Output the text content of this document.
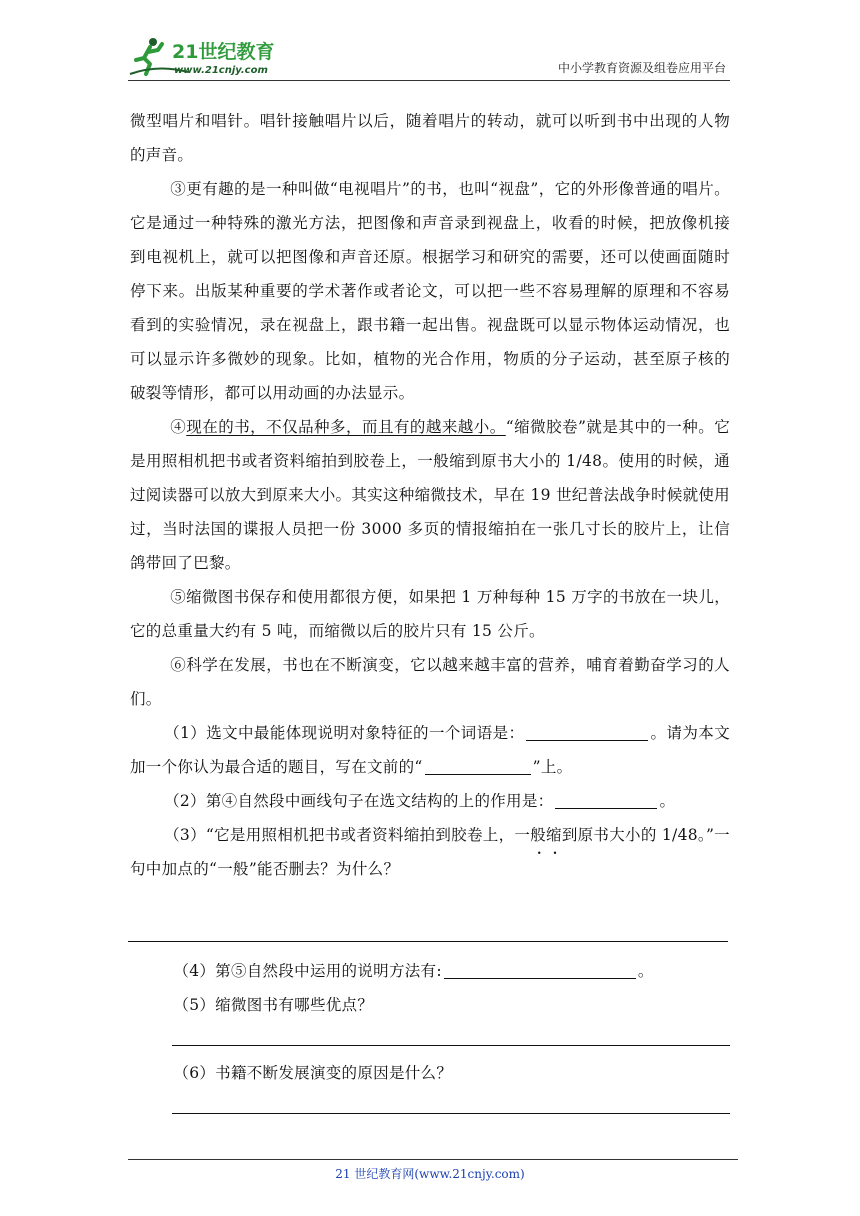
21世纪教育
www.21cnjy.com	中小学教育资源及组卷应用平台

微型唱片和唱针。唱针接触唱片以后，随着唱片的转动，就可以听到书中出现的人物的声音。

③更有趣的是一种叫做“电视唱片”的书，也叫“视盘”，它的外形像普通的唱片。它是通过一种特殊的激光方法，把图像和声音录到视盘上，收看的时候，把放像机接到电视机上，就可以把图像和声音还原。根据学习和研究的需要，还可以使画面随时停下来。出版某种重要的学术著作或者论文，可以把一些不容易理解的原理和不容易看到的实验情况，录在视盘上，跟书籍一起出售。视盘既可以显示物体运动情况，也可以显示许多微妙的现象。比如，植物的光合作用，物质的分子运动，甚至原子核的破裂等情形，都可以用动画的办法显示。

④现在的书，不仅品种多，而且有的越来越小。“缩微胶卷”就是其中的一种。它是用照相机把书或者资料缩拍到胶卷上，一般缩到原书大小的 1/48。使用的时候，通过阅读器可以放大到原来大小。其实这种缩微技术，早在 19 世纪普法战争时候就使用过，当时法国的谍报人员把一份 3000 多页的情报缩拍在一张几寸长的胶片上，让信鸽带回了巴黎。

⑤缩微图书保存和使用都很方便，如果把 1 万种每种 15 万字的书放在一块儿，它的总重量大约有 5 吨，而缩微以后的胶片只有 15 公斤。

⑥科学在发展，书也在不断演变，它以越来越丰富的营养，哺育着勤奋学习的人们。

（1）选文中最能体现说明对象特征的一个词语是：	。请为本文加一个你认为最合适的题目，写在文前的“	”上。

（2）第④自然段中画线句子在选文结构的上的作用是：	。

（3）“它是用照相机把书或者资料缩拍到胶卷上，一般缩到原书大小的 1/48。”一句中加点的“一般”能否删去？为什么？

（4）第⑤自然段中运用的说明方法有:	。

（5）缩微图书有哪些优点？

（6）书籍不断发展演变的原因是什么？

21 世纪教育网(www.21cnjy.com)
